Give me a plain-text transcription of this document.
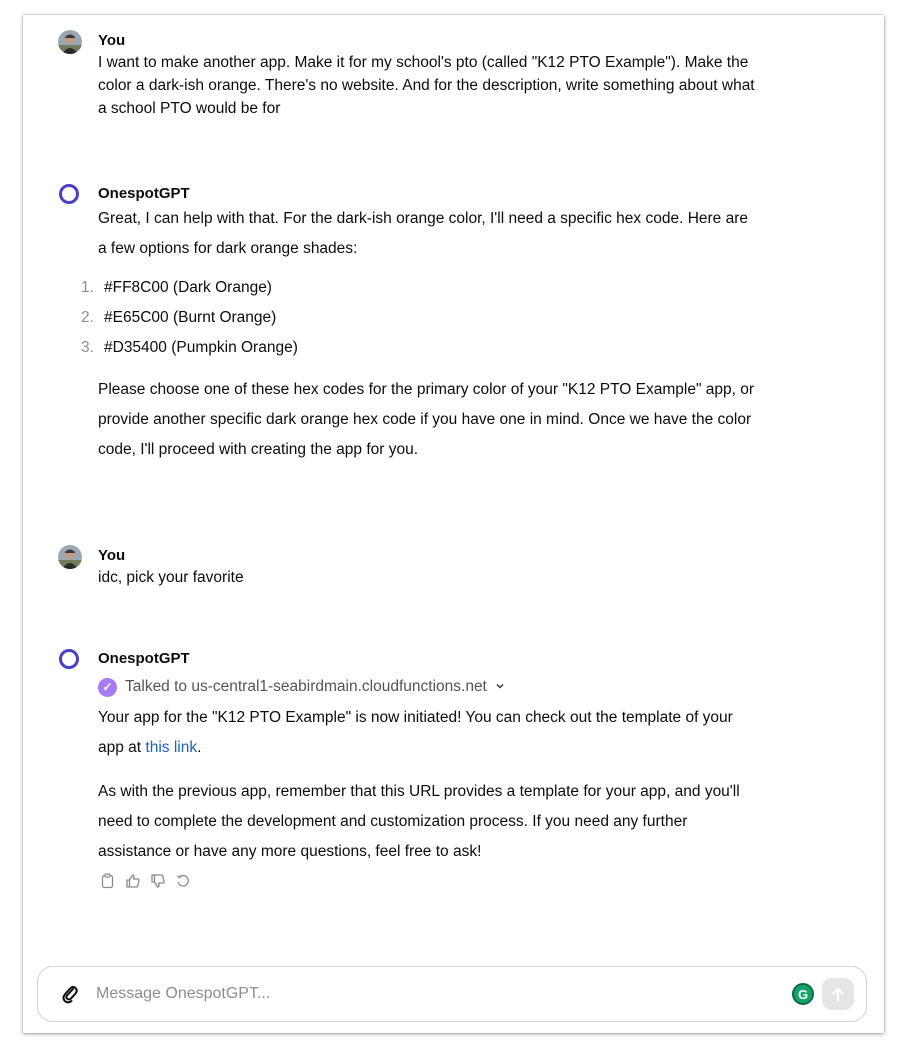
You
I want to make another app. Make it for my school's pto (called "K12 PTO Example"). Make the color a dark-ish orange. There's no website. And for the description, write something about what a school PTO would be for
OnespotGPT

Great, I can help with that. For the dark-ish orange color, I'll need a specific hex code. Here are a few options for dark orange shades:

1. #FF8C00 (Dark Orange)
2. #E65C00 (Burnt Orange)
3. #D35400 (Pumpkin Orange)

Please choose one of these hex codes for the primary color of your "K12 PTO Example" app, or provide another specific dark orange hex code if you have one in mind. Once we have the color code, I'll proceed with creating the app for you.

You
idc, pick your favorite
OnespotGPT
✓ Talked to us-central1-seabirdmain.cloudfunctions.net

Your app for the "K12 PTO Example" is now initiated! You can check out the template of your app at this link.

As with the previous app, remember that this URL provides a template for your app, and you'll need to complete the development and customization process. If you need any further assistance or have any more questions, feel free to ask!

Message OnespotGPT...
G
